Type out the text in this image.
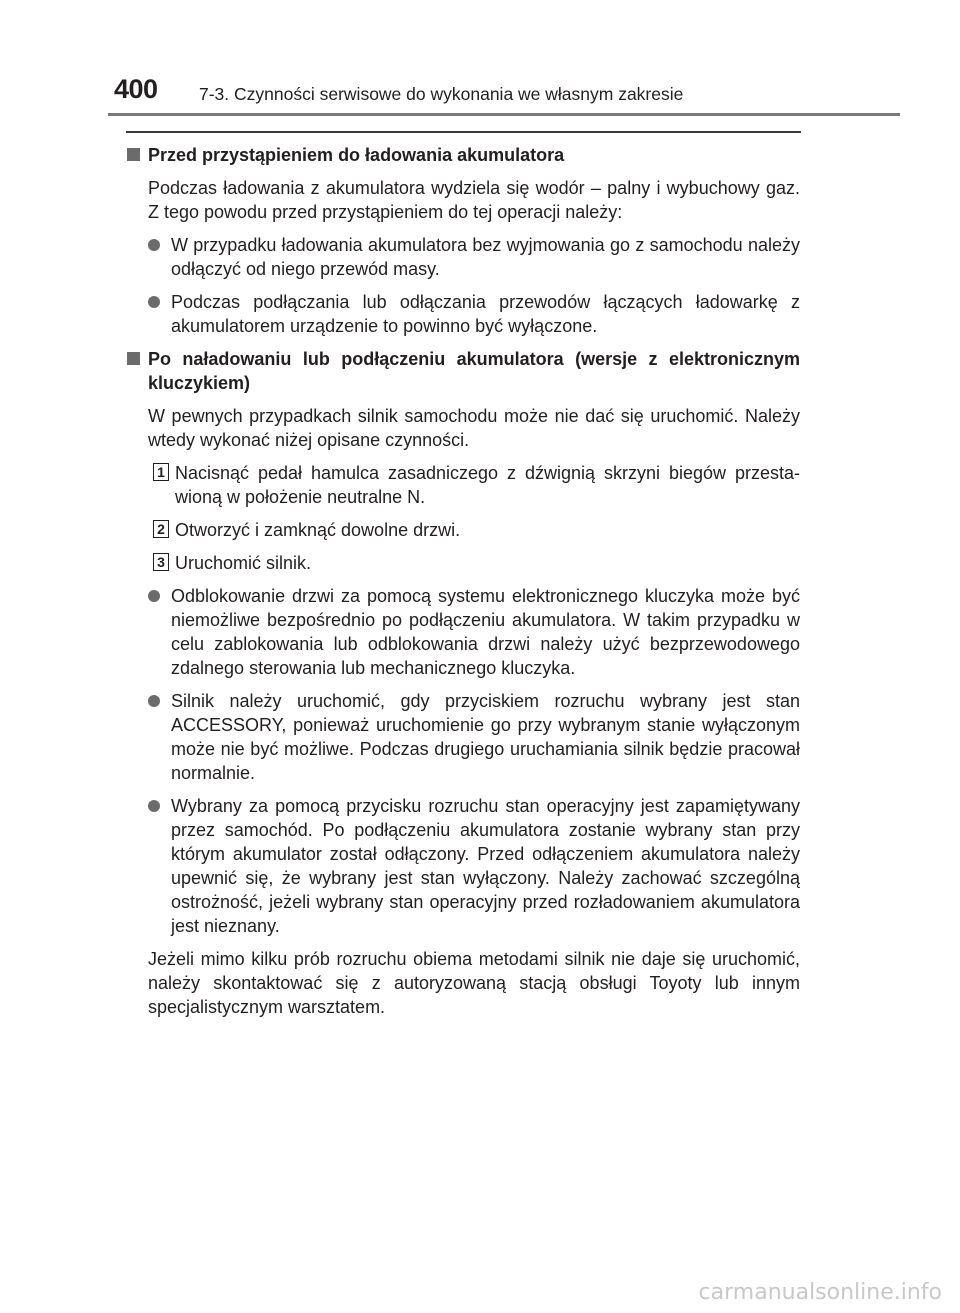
400 7-3. Czynności serwisowe do wykonania we własnym zakresie
Przed przystąpieniem do ładowania akumulatora

Podczas ładowania z akumulatora wydziela się wodór – palny i wybuchowy gaz. Z tego powodu przed przystąpieniem do tej operacji należy:

W przypadku ładowania akumulatora bez wyjmowania go z samochodu należy odłączyć od niego przewód masy.
Podczas podłączania lub odłączania przewodów łączących ładowarkę z akumulatorem urządzenie to powinno być wyłączone.
Po naładowaniu lub podłączeniu akumulatora (wersje z elektronicznym kluczykiem)

W pewnych przypadkach silnik samochodu może nie dać się uruchomić. Należy wtedy wykonać niżej opisane czynności.

1 Nacisnąć pedał hamulca zasadniczego z dźwignią skrzyni biegów przestawioną w położenie neutralne N.
2 Otworzyć i zamknąć dowolne drzwi.
3 Uruchomić silnik.
Odblokowanie drzwi za pomocą systemu elektronicznego kluczyka może być niemożliwe bezpośrednio po podłączeniu akumulatora. W takim przypadku w celu zablokowania lub odblokowania drzwi należy użyć bezprzewodowego zdalnego sterowania lub mechanicznego kluczyka.
Silnik należy uruchomić, gdy przyciskiem rozruchu wybrany jest stan ACCESSORY, ponieważ uruchomienie go przy wybranym stanie wyłączonym może nie być możliwe. Podczas drugiego uruchamiania silnik będzie pracował normalnie.
Wybrany za pomocą przycisku rozruchu stan operacyjny jest zapamiętywany przez samochód. Po podłączeniu akumulatora zostanie wybrany stan przy którym akumulator został odłączony. Przed odłączeniem akumulatora należy upewnić się, że wybrany jest stan wyłączony. Należy zachować szczególną ostrożność, jeżeli wybrany stan operacyjny przed rozładowaniem akumulatora jest nieznany.

Jeżeli mimo kilku prób rozruchu obiema metodami silnik nie daje się uruchomić, należy skontaktować się z autoryzowaną stacją obsługi Toyoty lub innym specjalistycznym warsztatem.

carmanualsonline.info
